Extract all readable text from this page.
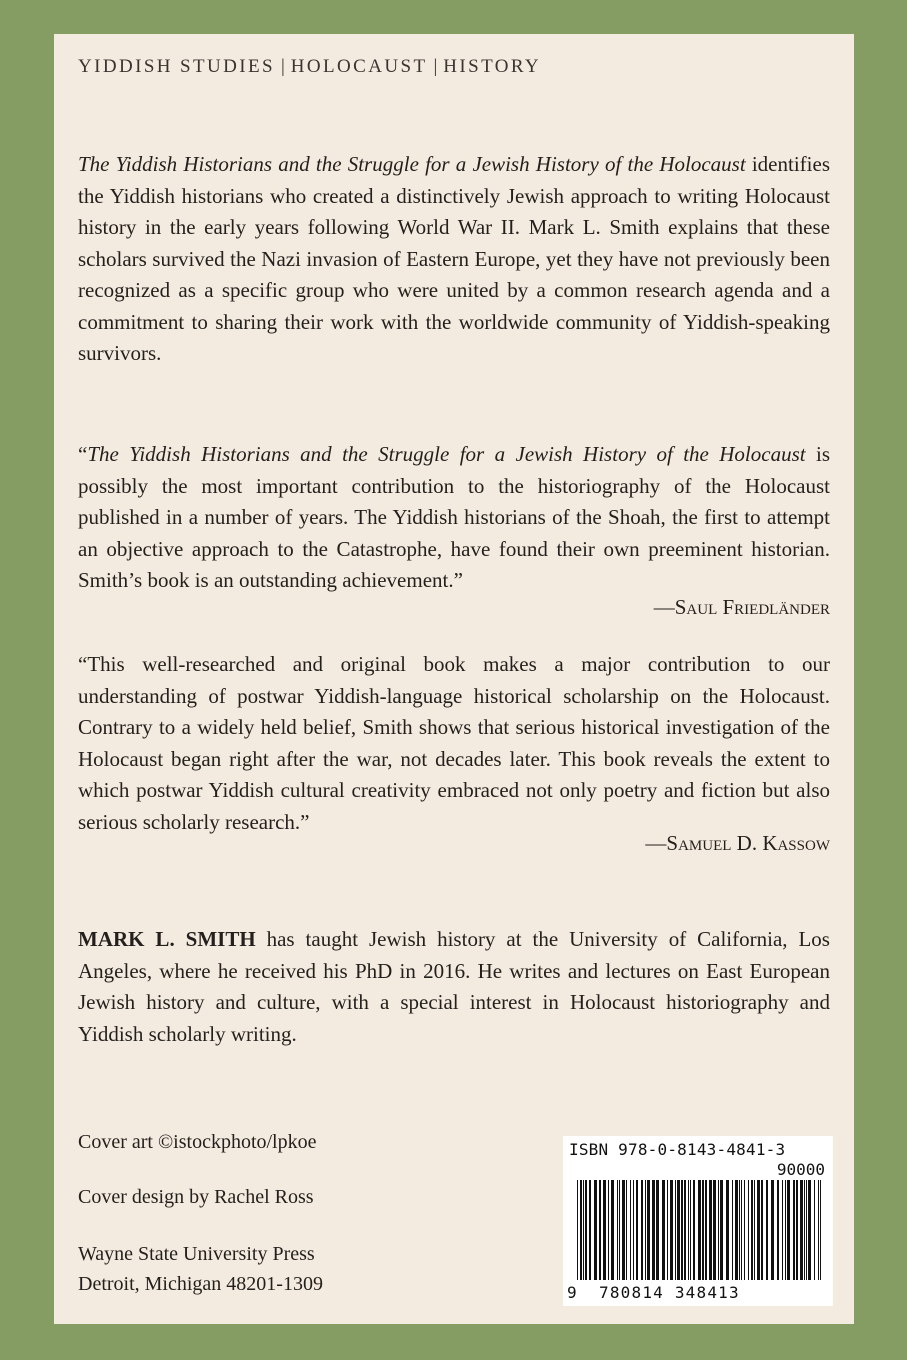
YIDDISH STUDIES | HOLOCAUST | HISTORY

The Yiddish Historians and the Struggle for a Jewish History of the Holocaust identifies the Yiddish historians who created a distinctively Jewish approach to writing Holocaust history in the early years following World War II. Mark L. Smith explains that these scholars survived the Nazi invasion of Eastern Europe, yet they have not previously been recognized as a specific group who were united by a common research agenda and a commitment to sharing their work with the worldwide community of Yiddish-speaking survivors.

“The Yiddish Historians and the Struggle for a Jewish History of the Holocaust is possibly the most important contribution to the historiography of the Holocaust published in a number of years. The Yiddish historians of the Shoah, the first to attempt an objective approach to the Catastrophe, have found their own preeminent historian. Smith’s book is an outstanding achievement.”

—Saul Friedländer

“This well-researched and original book makes a major contribution to our understanding of postwar Yiddish-language historical scholarship on the Holocaust. Contrary to a widely held belief, Smith shows that serious historical investigation of the Holocaust began right after the war, not decades later. This book reveals the extent to which postwar Yiddish cultural creativity embraced not only poetry and fiction but also serious scholarly research.”

—Samuel D. Kassow

MARK L. SMITH has taught Jewish history at the University of California, Los Angeles, where he received his PhD in 2016. He writes and lectures on East European Jewish history and culture, with a special interest in Holocaust historiography and Yiddish scholarly writing.

Cover art ©istockphoto/lpkoe
Cover design by Rachel Ross
Wayne State University Press
Detroit, Michigan 48201-1309
ISBN 978-0-8143-4841-3
90000
9 780814 348413
